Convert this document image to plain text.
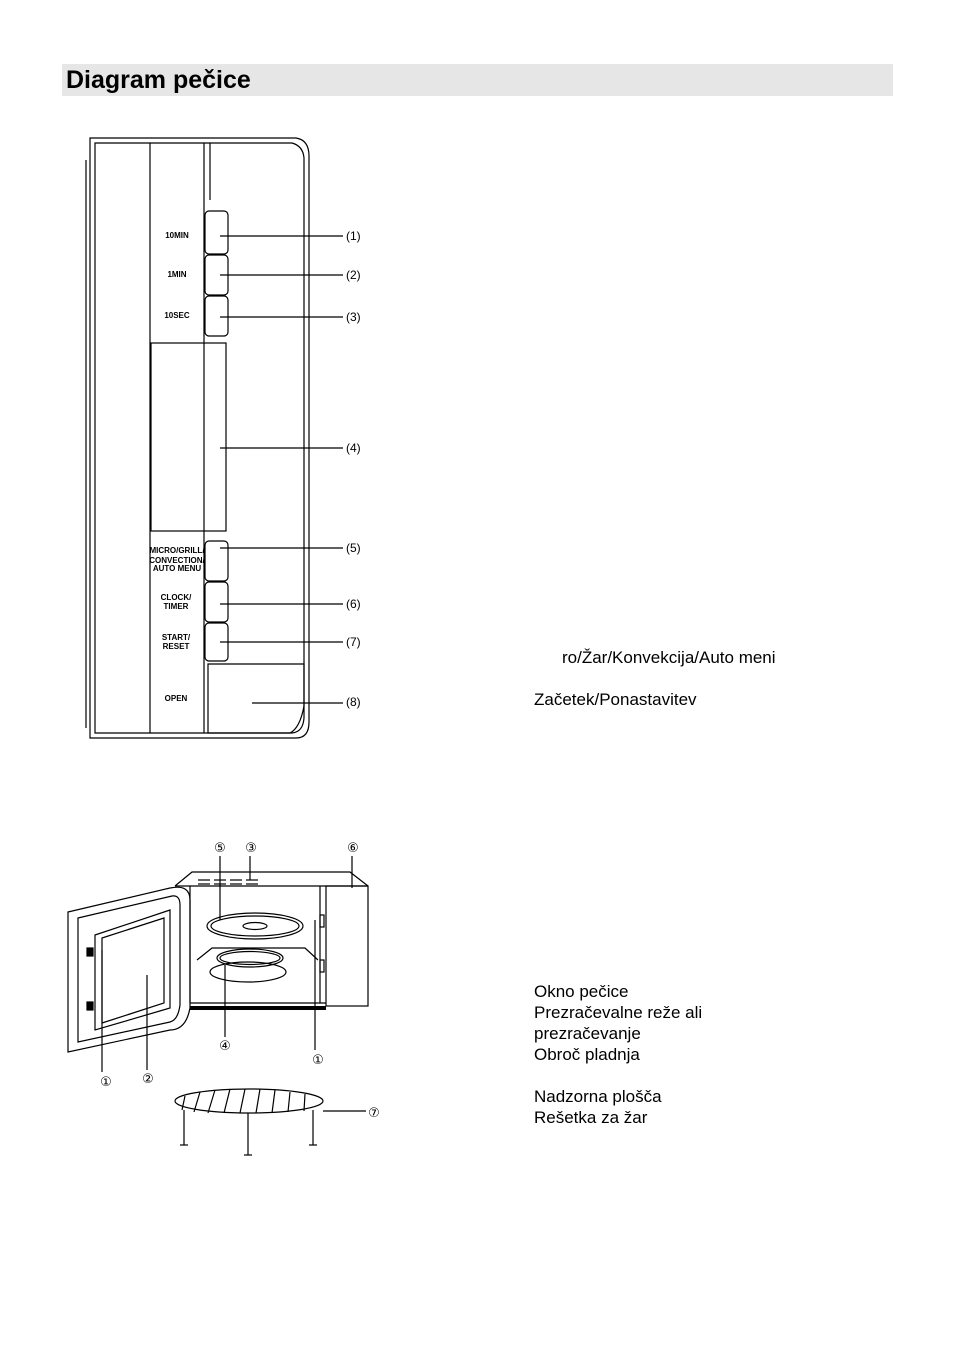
Diagram pečice
10MIN
1MIN
10SEC
MICRO/GRILL/
CONVECTION/
AUTO MENU
CLOCK/
TIMER
START/
RESET
OPEN
(1)
(2)
(3)
(4)
(5)
(6)
(7)
(8)
⑤ ③	⑥
④
①
① ②
⑦
ro/Žar/Konvekcija/Auto meni
Začetek/Ponastavitev
Okno pečice
Prezračevalne reže ali
prezračevanje
Obroč pladnja
Nadzorna plošča
Rešetka za žar
